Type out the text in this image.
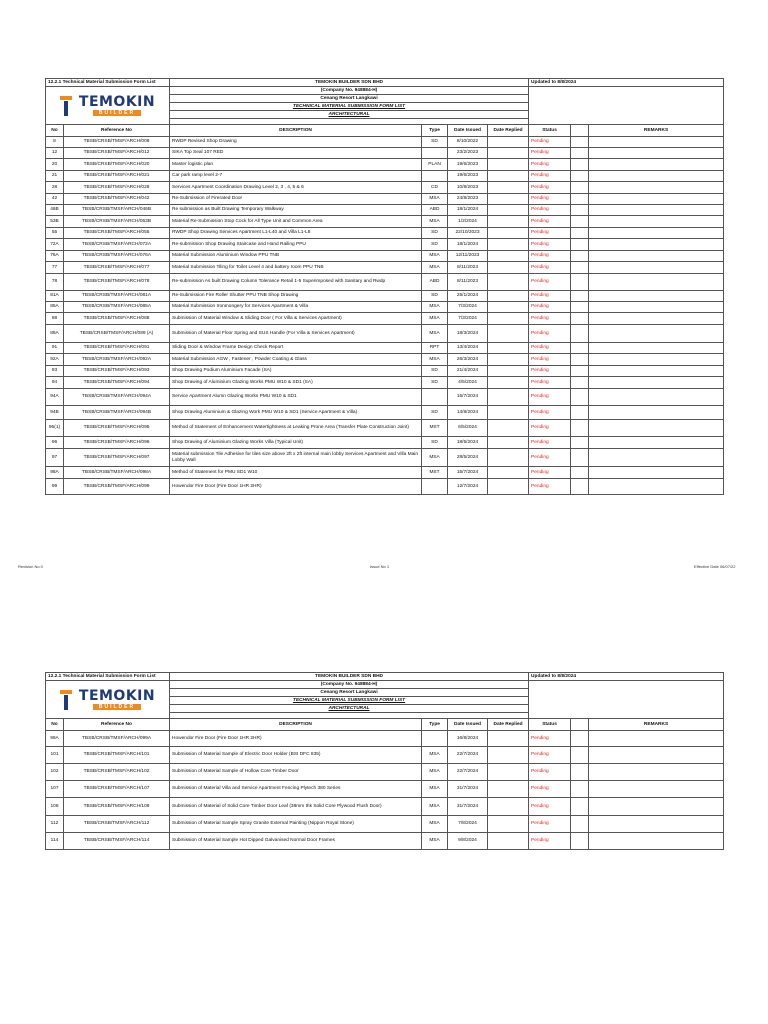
12.2.1 Technical Material Submission Form List		TEMOKIN BUILDER SDN BHD				Updated to 8/8/2024		

TEMOKIN
BUILDER		(Company No. 948884-H)						
		Cenang Resort Langkawi						
		TECHNICAL MATERIAL SUBMISSION FORM LIST						
		ARCHITECTURAL						

No	Reference No	DESCRIPTION	Type	Date Issued	Date Replied	Status		REMARKS
8	TBSB/CRSB/TMSF/ARCH/008	RWDP Revised Shop Drawing	SD	8/10/2022		Pending		
12	TBSB/CRSB/TMSF/ARCH/012	SIKA Top Seal 107 RED		23/2/2023		Pending		
20	TBSB/CRSB/TMSF/ARCH/020	Master logistic plan	PLAN	19/6/2023		Pending		
21	TBSB/CRSB/TMSF/ARCH/021	Car park ramp level 2-7		19/6/2023		Pending		
28	TBSB/CRSB/TMSF/ARCH/028	Services Apartment Coordination Drawing Level 2, 3 , 4, 5 & 6	CD	10/8/2023		Pending		
42	TBSB/CRSB/TMSF/ARCH/042	Re-Submission of Firerated Door	MSA	24/8/2023		Pending		
46B	TBSB/CRSB/TMSF/ARCH/046B	Re submission as Built Drawing Temporary Walkway	ABD	18/1/2024		Pending		
53B	TBSB/CRSB/TMSF/ARCH/053B	Material Re-Submission Stop Cock for All Type Unit and Common Area	MSA	1/2/2024		Pending		
55	TBSB/CRSB/TMSF/ARCH/055	RWDP Shop Drawing Services Apartment L1-L40 and Villa L1-L8	SD	22/10/2023		Pending		
72A	TBSB/CRSB/TMSF/ARCH/072A	Re-submission Shop Drawing Staircase and Hand Railing PPU	SD	18/1/2024		Pending		
76A	TBSB/CRSB/TMSF/ARCH/076A	Material Submission Aluminium Window PPU TNB	MSA	12/11/2023		Pending		
77	TBSB/CRSB/TMSF/ARCH/077	Material Submission Tiling for Toilet Level 4 and battery room PPU TNB	MSA	8/11/2023		Pending		
78	TBSB/CRSB/TMSF/ARCH/078	Re-submission As built Drawing Column Tolerance Retail 1-5 Superimposed with Sanitary and Rwdp	ABD	8/11/2023		Pending		
81A	TBSB/CRSB/TMSF/ARCH/081A	Re-Submission Fire Roller Shutter PPU TNB Shop Drawing	SD	25/1/2024		Pending		
85A	TBSB/CRSB/TMSF/ARCH/085A	Material Submission Ironmongery for Services Apartment & Villa	MSA	7/3/2024		Pending		
88	TBSB/CRSB/TMSF/ARCH/088	Submission of Material Window & Sliding Door ( For Villa & Services Apartment)	MSA	7/3/2024		Pending		
89A	TBSB/CRSB/TMSF/ARCH/089 (A)	Submission of Material Floor Spring and SUS Handle (For Villa & Services Apartment)	MSA	18/3/2024		Pending		
91	TBSB/CRSB/TMSF/ARCH/091	Sliding Door & Window Frame Design Check Report	RPT	13/4/2024		Pending		
92A	TBSB/CRSB/TMSF/ARCH/092A	Material Submission AGW , Fastener , Powder Coating & Glass	MSA	26/3/2024		Pending		
93	TBSB/CRSB/TMSF/ARCH/093	Shop Drawing Podium Aluminium Facade (SA)	SD	21/4/2024		Pending		
94	TBSB/CRSB/TMSF/ARCH/094	Shop Drawing of Aluminium Glazing Works PMU W10 & SD1 (SA)	SD	4/5/2024		Pending		
94A	TBSB/CRSB/TMSF/ARCH/094A	Service Apartment Alumn Glazing Works PMU W10 & SD1		15/7/2024		Pending		
94B	TBSB/CRSB/TMSF/ARCH/094B	Shop Drawing Aluminium & Glazing Work PMU W10 & SD1 (Service Apartment & Villa)	SD	14/8/2024		Pending		
95(1)	TBSB/CRSB/TMSF/ARCH/095	Method of Statement of Enhancement Watertightness at Leaking Prone Area (Transfer Plate Construction Joint)	MST	6/5/2024		Pending		
96	TBSB/CRSB/TMSF/ARCH/096	Shop Drawing of Aluminium Glazing Works Villa (Typical Unit)	SD	18/5/2024		Pending		
97	TBSB/CRSB/TMSF/ARCH/097	Material submission Tile Adhesive for tiles size above 2ft x 2ft internal main lobby Services Apartment and Villa Main Lobby Wall	MSA	28/5/2024		Pending		
98A	TBSB/CRSB/TMSF/ARCH/098A	Method of Statement for PMU SD1 W10	MST	15/7/2024		Pending		
99	TBSB/CRSB/TMSF/ARCH/099	Howendor Fire Door (Fire Door 1HR 2HR)		12/7/2024		Pending		
12.2.1 Technical Material Submission Form List		TEMOKIN BUILDER SDN BHD				Updated to 8/8/2024		

TEMOKIN
BUILDER		(Company No. 948884-H)						
		Cenang Resort Langkawi						
		TECHNICAL MATERIAL SUBMISSION FORM LIST						
		ARCHITECTURAL						

No	Reference No	DESCRIPTION	Type	Date Issued	Date Replied	Status		REMARKS
99A	TBSB/CRSB/TMSF/ARCH/099A	Howendor Fire Door (Fire Door 1HR 2HR)		16/8/2024		Pending		
101	TBSB/CRSB/TMSF/ARCH/101	Submission of Material Sample of Electric Door Holder (BSI DFC 835)	MSA	22/7/2024		Pending		
102	TBSB/CRSB/TMSF/ARCH/102	Submission of Material Sample of Hollow Core Timber Door	MSA	22/7/2024		Pending		
107	TBSB/CRSB/TMSF/ARCH/107	Submission of Material Villa and Service Apartment Fencing Plytech 380 Series	MSA	31/7/2024		Pending		
108	TBSB/CRSB/TMSF/ARCH/108	Submission of Material of Solid Core Timber Door Leaf (38mm thk Solid Core Plywood Flush Door)	MSA	31/7/2024		Pending		
112	TBSB/CRSB/TMSF/ARCH/112	Submission of Material Sample Spray Granite External Painting (Nippon Royal Stone)	MSA	7/8/2024		Pending		
114	TBSB/CRSB/TMSF/ARCH/114	Submission of Material Sample Hot Dipped Galvanised Normal Door Frames	MSA	9/8/2024		Pending		
Revision No 0	Issue No 1	Effective Date 06/07/22
